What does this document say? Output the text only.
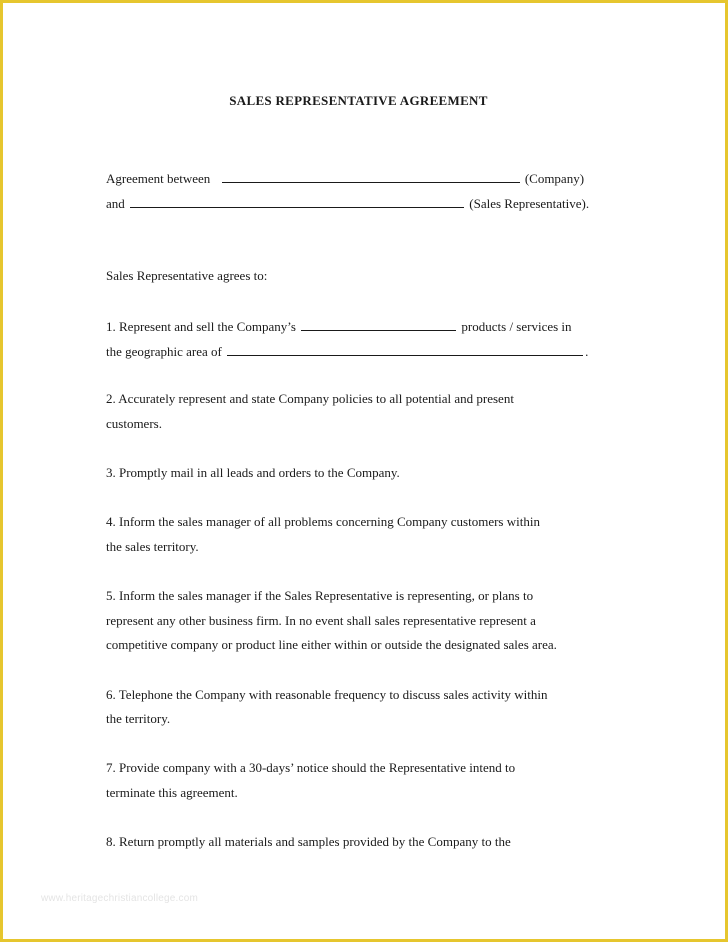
SALES REPRESENTATIVE AGREEMENT

Agreement between	(Company)

and	(Sales Representative).

Sales Representative agrees to:

1. Represent and sell the Company’s	products / services in

the geographic area of	.

2. Accurately represent and state Company policies to all potential and present

customers.

3. Promptly mail in all leads and orders to the Company.

4. Inform the sales manager of all problems concerning Company customers within

the sales territory.

5. Inform the sales manager if the Sales Representative is representing, or plans to

represent any other business firm. In no event shall sales representative represent a

competitive company or product line either within or outside the designated sales area.

6. Telephone the Company with reasonable frequency to discuss sales activity within

the territory.

7. Provide company with a 30-days’ notice should the Representative intend to

terminate this agreement.

8. Return promptly all materials and samples provided by the Company to the

www.heritagechristiancollege.com
